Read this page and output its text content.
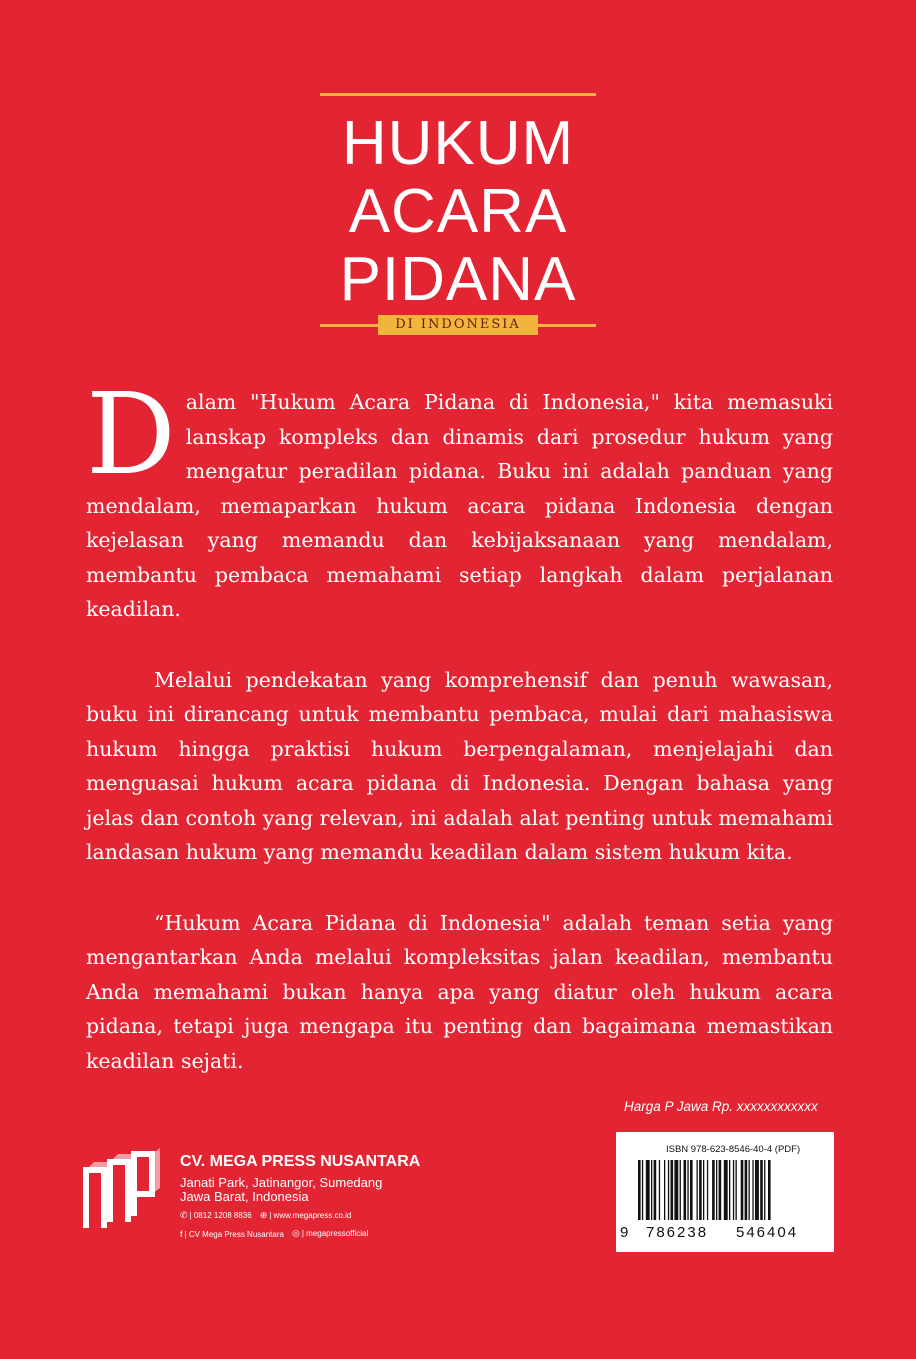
HUKUM
ACARA
PIDANA
DI INDONESIA

Dalam "Hukum Acara Pidana di Indonesia," kita memasuki lanskap kompleks dan dinamis dari prosedur hukum yang mengatur peradilan pidana. Buku ini adalah panduan yang mendalam, memaparkan hukum acara pidana Indonesia dengan kejelasan yang memandu dan kebijaksanaan yang mendalam, membantu pembaca memahami setiap langkah dalam perjalanan keadilan.

Melalui pendekatan yang komprehensif dan penuh wawasan, buku ini dirancang untuk membantu pembaca, mulai dari mahasiswa hukum hingga praktisi hukum berpengalaman, menjelajahi dan menguasai hukum acara pidana di Indonesia. Dengan bahasa yang jelas dan contoh yang relevan, ini adalah alat penting untuk memahami landasan hukum yang memandu keadilan dalam sistem hukum kita.

“Hukum Acara Pidana di Indonesia" adalah teman setia yang mengantarkan Anda melalui kompleksitas jalan keadilan, membantu Anda memahami bukan hanya apa yang diatur oleh hukum acara pidana, tetapi juga mengapa itu penting dan bagaimana memastikan keadilan sejati.

Harga P Jawa Rp. xxxxxxxxxxxx
ISBN 978-623-8546-40-4 (PDF)
9 786238 546404
CV. MEGA PRESS NUSANTARA
Janati Park, Jatinangor, Sumedang
Jawa Barat, Indonesia
✆ | 0812 1208 8836 ⊕ | www.megapress.co.id
f | CV Mega Press Nusantara ◎ | megapressofficial
